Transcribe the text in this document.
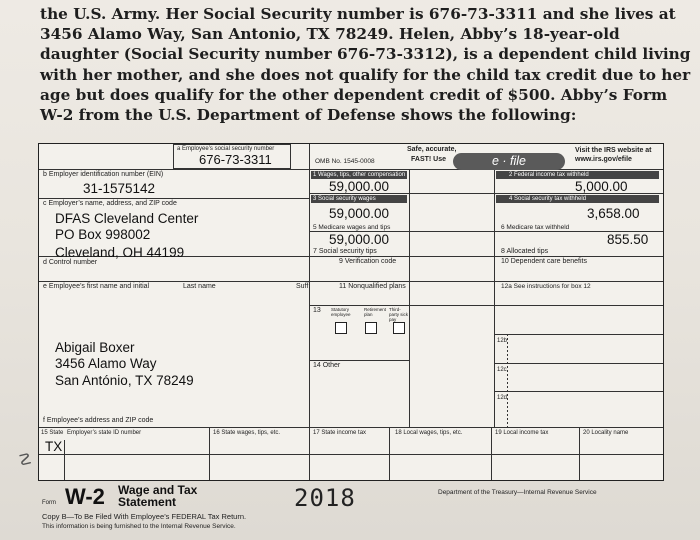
the U.S. Army. Her Social Security number is 676-73-3311 and she lives at
3456 Alamo Way, San Antonio, TX 78249. Helen, Abby’s 18-year-old
daughter (Social Security number 676-73-3312), is a dependent child living
with her mother, and she does not qualify for the child tax credit due to her
age but does qualify for the other dependent credit of $500. Abby’s Form
W-2 from the U.S. Department of Defense shows the following:
☡
a Employee’s social security number
676-73-3311	OMB No. 1545-0008
Safe, accurate,
FAST! Use	e · file
Visit the IRS website at
www.irs.gov/efile
b Employer identification number (EIN)
31-1575142
c Employer’s name, address, and ZIP code
DFAS Cleveland Center
PO Box 998002
Cleveland, OH 44199
d Control number
e Employee’s first name and initial	Last name	Suff.
Abigail Boxer
3456 Alamo Way
San António, TX 78249
f Employee’s address and ZIP code
1 Wages, tips, other compensation
59,000.00
3 Social security wages
59,000.00
5 Medicare wages and tips
59,000.00
7 Social security tips
9 Verification code
11 Nonqualified plans
13 Statutory employee
Retirement plan
Third-party sick pay
14 Other
2 Federal income tax withheld
5,000.00
4 Social security tax withheld
3,658.00
6 Medicare tax withheld
855.50
8 Allocated tips
10 Dependent care benefits
12a See instructions for box 12
12b
12c
12d
15 State Employer’s state ID number
TX
16 State wages, tips, etc.	17 State income tax	18 Local wages, tips, etc.	19 Local income tax	20 Locality name
Form W-2 Wage and Tax
Statement	2018	Department of the Treasury—Internal Revenue Service
Copy B—To Be Filed With Employee’s FEDERAL Tax Return.
This information is being furnished to the Internal Revenue Service.
